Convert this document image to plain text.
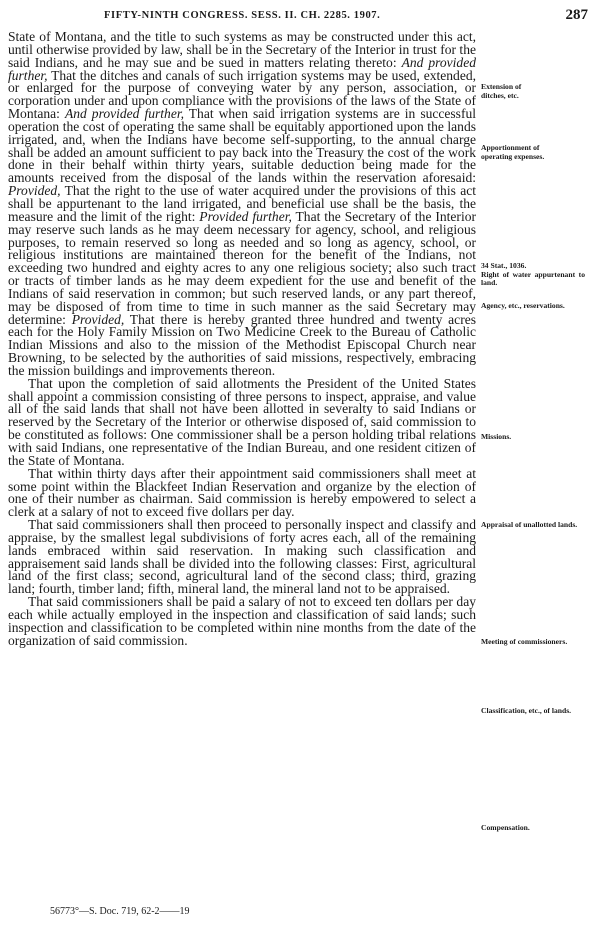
FIFTY-NINTH CONGRESS. SESS. II. CH. 2285. 1907.	287

State of Montana, and the title to such systems as may be constructed under this act, until otherwise provided by law, shall be in the Secretary of the Interior in trust for the said Indians, and he may sue and be sued in matters relating thereto: And provided further, That the ditches and canals of such irrigation systems may be used, extended, or enlarged for the purpose of conveying water by any person, association, or corporation under and upon compliance with the provisions of the laws of the State of Montana: And provided further, That when said irrigation systems are in successful operation the cost of operating the same shall be equitably apportioned upon the lands irrigated, and, when the Indians have become self-supporting, to the annual charge shall be added an amount sufficient to pay back into the Treasury the cost of the work done in their behalf within thirty years, suitable deduction being made for the amounts received from the disposal of the lands within the reservation aforesaid: Provided, That the right to the use of water acquired under the provisions of this act shall be appurtenant to the land irrigated, and beneficial use shall be the basis, the measure and the limit of the right: Provided further, That the Secretary of the Interior may reserve such lands as he may deem necessary for agency, school, and religious purposes, to remain reserved so long as needed and so long as agency, school, or religious institutions are maintained thereon for the benefit of the Indians, not exceeding two hundred and eighty acres to any one religious society; also such tract or tracts of timber lands as he may deem expedient for the use and benefit of the Indians of said reservation in common; but such reserved lands, or any part thereof, may be disposed of from time to time in such manner as the said Secretary may determine: Provided, That there is hereby granted three hundred and twenty acres each for the Holy Family Mission on Two Medicine Creek to the Bureau of Catholic Indian Missions and also to the mission of the Methodist Episcopal Church near Browning, to be selected by the authorities of said missions, respectively, embracing the mission buildings and improvements thereon.

That upon the completion of said allotments the President of the United States shall appoint a commission consisting of three persons to inspect, appraise, and value all of the said lands that shall not have been allotted in severalty to said Indians or reserved by the Secretary of the Interior or otherwise disposed of, said commission to be constituted as follows: One commissioner shall be a person holding tribal relations with said Indians, one representative of the Indian Bureau, and one resident citizen of the State of Montana.

That within thirty days after their appointment said commissioners shall meet at some point within the Blackfeet Indian Reservation and organize by the election of one of their number as chairman. Said commission is hereby empowered to select a clerk at a salary of not to exceed five dollars per day.

That said commissioners shall then proceed to personally inspect and classify and appraise, by the smallest legal subdivisions of forty acres each, all of the remaining lands embraced within said reservation. In making such classification and appraisement said lands shall be divided into the following classes: First, agricultural land of the first class; second, agricultural land of the second class; third, grazing land; fourth, timber land; fifth, mineral land, the mineral land not to be appraised.

That said commissioners shall be paid a salary of not to exceed ten dollars per day each while actually employed in the inspection and classification of said lands; such inspection and classification to be completed within nine months from the date of the organization of said commission.

Extension of
ditches, etc.
Apportionment of
operating expenses.
34 Stat., 1036.
Right of water appurtenant to land.
Agency, etc., reservations.
Missions.
Appraisal of unallotted lands.
Meeting of commissioners.
Classification, etc., of lands.
Compensation.
56773°—S. Doc. 719, 62-2——19
